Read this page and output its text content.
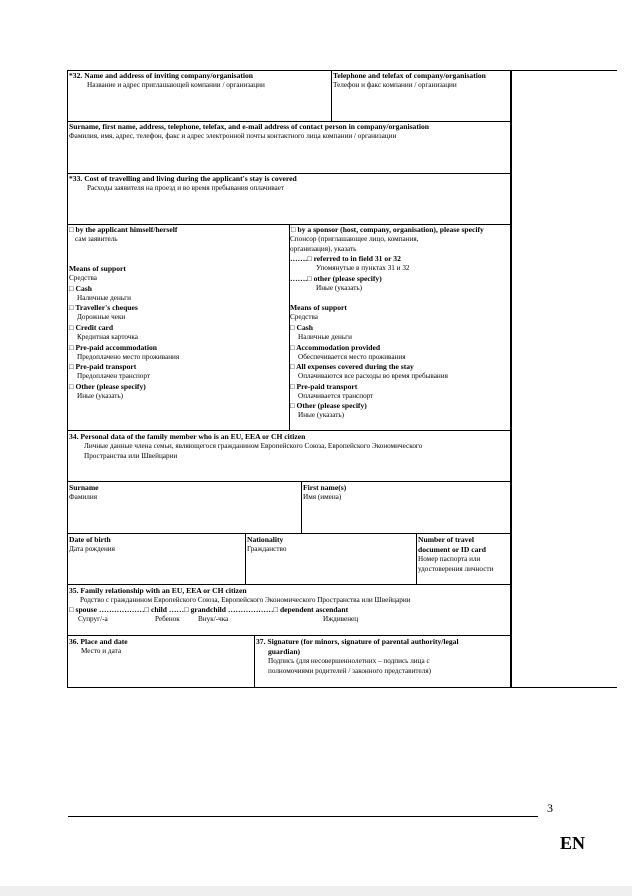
*32. Name and address of inviting company/organisation
Название и адрес приглашающей компании / организации
Telephone and telefax of company/organisation
Телефон и факс компании / организации
Surname, first name, address, telephone, telefax, and e-mail address of contact person in company/organisation
Фамилия, имя, адрес, телефон, факс и адрес электронной почты контактного лица компании / организации
*33. Cost of travelling and living during the applicant's stay is covered
Расходы заявителя на проезд и во время пребывания оплачивает
□ by the applicant himself/herself
сам заявитель
Means of support
Средства
□ Cash
Наличные деньги
□ Traveller's cheques
Дорожные чеки
□ Credit card
Кредитная карточка
□ Pre-paid accommodation
Предоплачено место проживания
□ Pre-paid transport
Предоплачен транспорт
□ Other (please specify)
Иные (указать)
□ by a sponsor (host, company, organisation), please specify
Спонсор (приглашающее лицо, компания,
организация), указать
…….□ referred to in field 31 or 32
Упомянутые в пунктах 31 и 32
…….□ other (please specify)
Иные (указать)
Means of support
Средства
□ Cash
Наличные деньги
□ Accommodation provided
Обеспечивается место проживания
□ All expenses covered during the stay
Оплачиваются все расходы во время пребывания
□ Pre-paid transport
Оплачивается транспорт
□ Other (please specify)
Иные (указать)
34. Personal data of the family member who is an EU, EEA or CH citizen
Личные данные члена семьи, являющегося гражданином Европейского Союза, Европейского Экономического
Пространства или Швейцарии
Surname
Фамилия
First name(s)
Имя (имена)
Date of birth
Дата рождения
Nationality
Гражданство
Number of travel
document or ID card
Номер паспорта или
удостоверения личности
35. Family relationship with an EU, EEA or CH citizen
Родство с гражданином Европейского Союза, Европейского Экономического Пространства или Швейцарии
□ spouse ………………□ child ……□ grandchild ………………□ dependent ascendant
Супруг/-а	Ребенок	Внук/-чка	Иждивенец
36. Place and date
Место и дата
37. Signature (for minors, signature of parental authority/legal
guardian)
Подпись (для несовершеннолетних – подпись лица с
полномочиями родителей / законного представителя)
3
EN
